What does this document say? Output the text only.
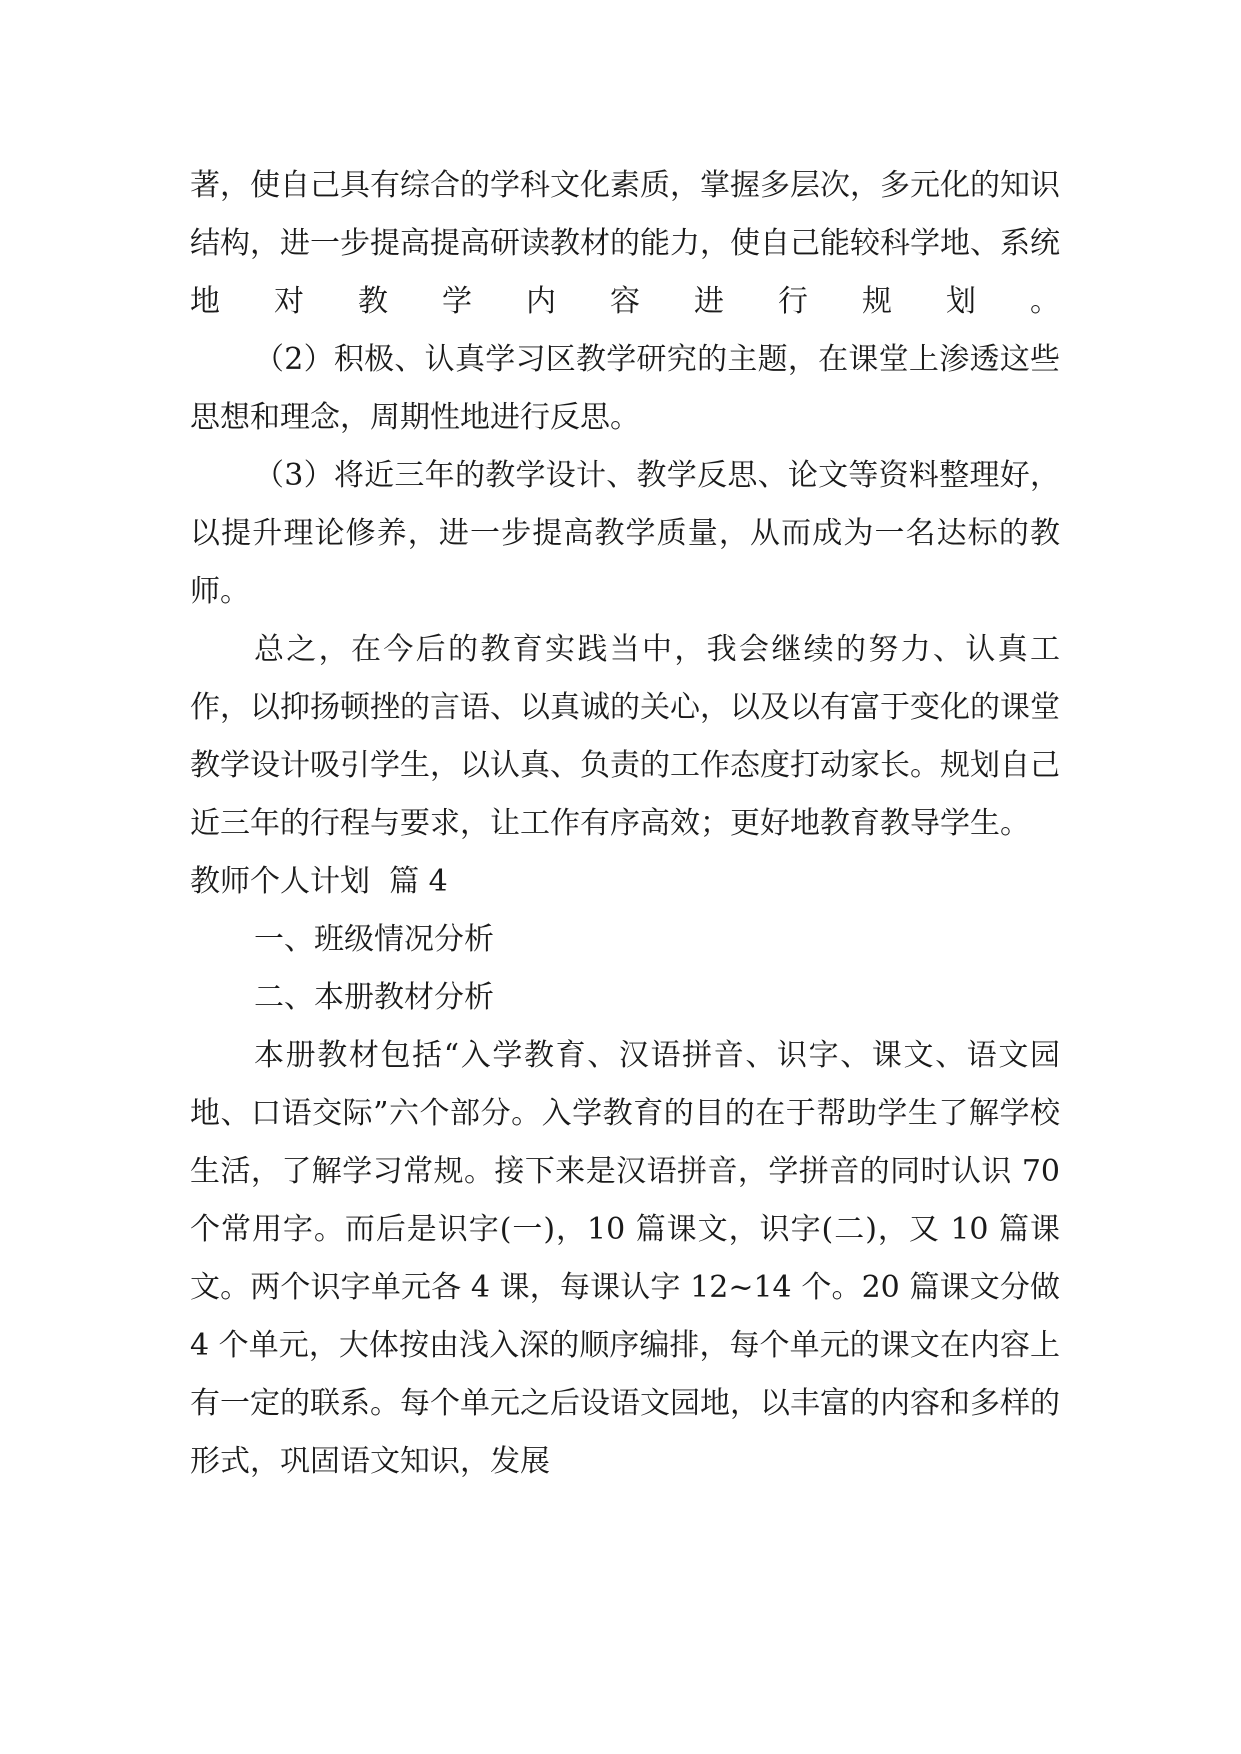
著，使自己具有综合的学科文化素质，掌握多层次，多元化的知识结构，进一步提高提高研读教材的能力，使自己能较科学地、系统地对教学内容进行规划。

（2）积极、认真学习区教学研究的主题，在课堂上渗透这些思想和理念，周期性地进行反思。

（3）将近三年的教学设计、教学反思、论文等资料整理好，以提升理论修养，进一步提高教学质量，从而成为一名达标的教师。

总之，在今后的教育实践当中，我会继续的努力、认真工作，以抑扬顿挫的言语、以真诚的关心，以及以有富于变化的课堂教学设计吸引学生，以认真、负责的工作态度打动家长。规划自己近三年的行程与要求，让工作有序高效；更好地教育教导学生。

教师个人计划  篇 4

一、班级情况分析

二、本册教材分析

本册教材包括“入学教育、汉语拼音、识字、课文、语文园地、口语交际”六个部分。入学教育的目的在于帮助学生了解学校生活，了解学习常规。接下来是汉语拼音，学拼音的同时认识 70 个常用字。而后是识字(一)，10 篇课文，识字(二)，又 10 篇课文。两个识字单元各 4 课，每课认字 12~14 个。20 篇课文分做 4 个单元，大体按由浅入深的顺序编排，每个单元的课文在内容上有一定的联系。每个单元之后设语文园地，以丰富的内容和多样的形式，巩固语文知识，发展
